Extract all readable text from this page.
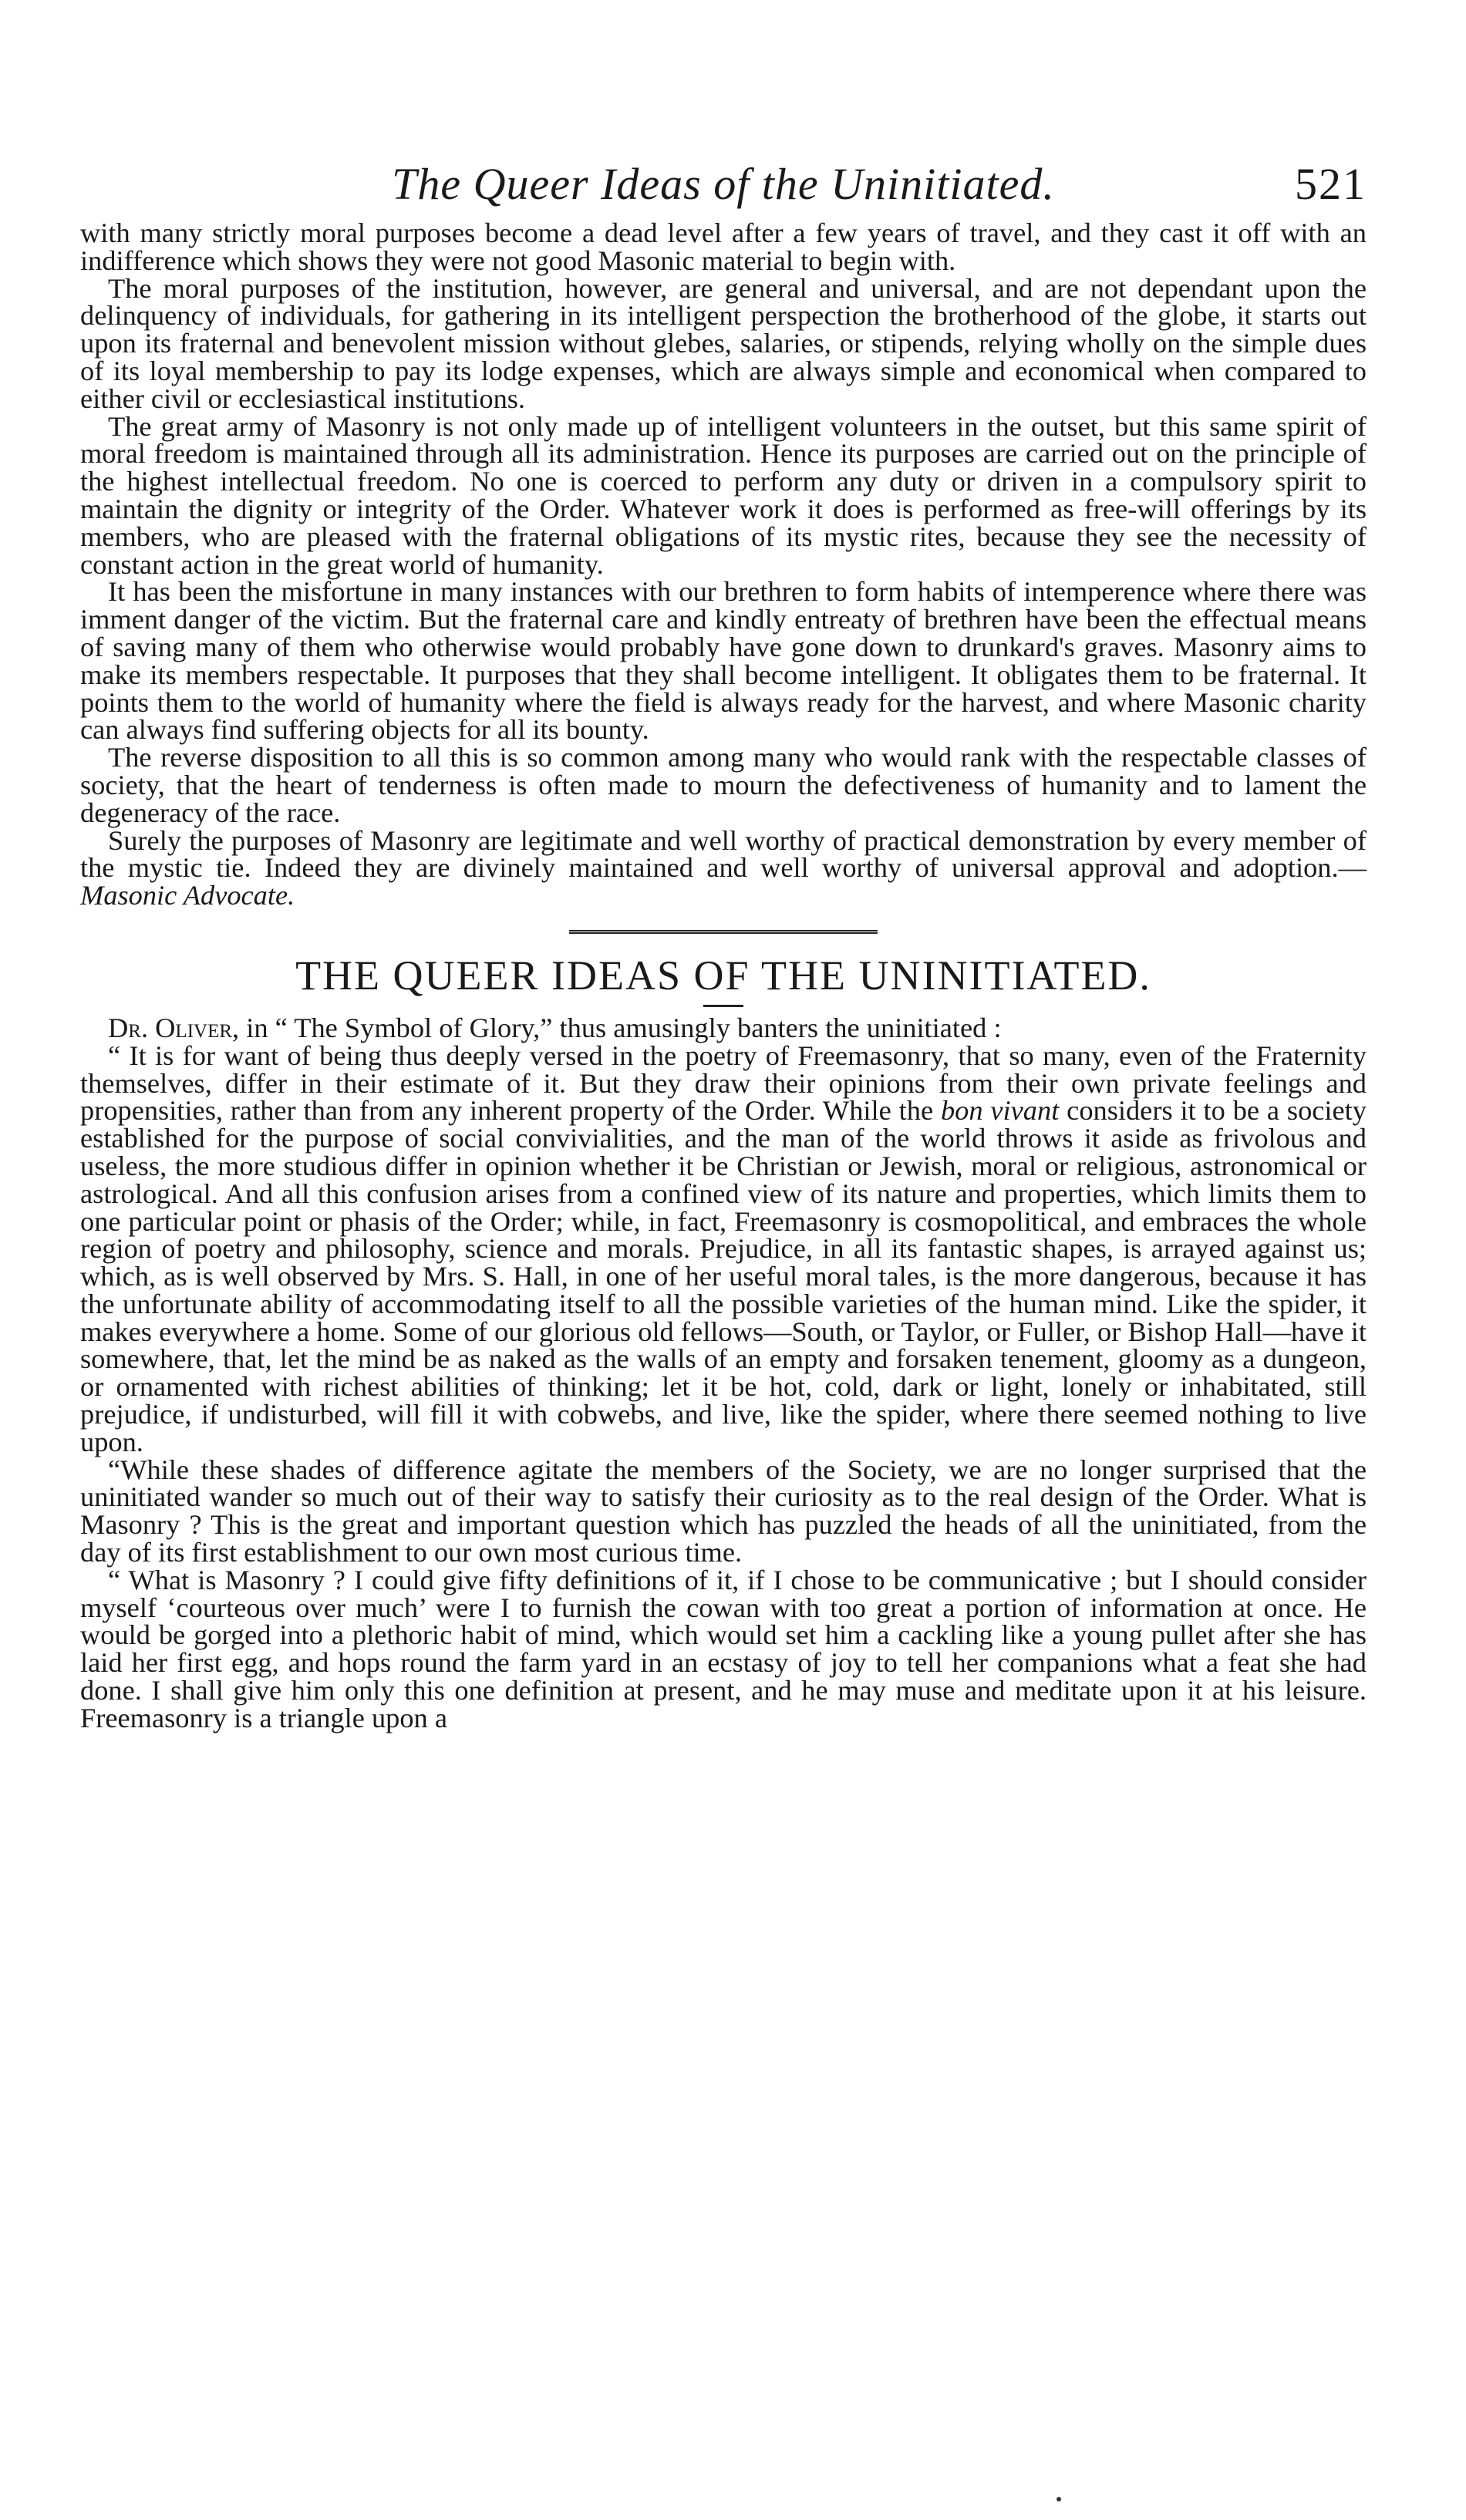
The Queer Ideas of the Uninitiated.	521

with many strictly moral purposes become a dead level after a few years of travel, and they cast it off with an indifference which shows they were not good Masonic material to begin with.

The moral purposes of the institution, however, are general and universal, and are not dependant upon the delinquency of individuals, for gathering in its intelligent perspection the brotherhood of the globe, it starts out upon its fraternal and benevolent mission without glebes, salaries, or stipends, relying wholly on the simple dues of its loyal membership to pay its lodge expenses, which are always simple and economical when compared to either civil or ecclesiastical institutions.

The great army of Masonry is not only made up of intelligent volunteers in the outset, but this same spirit of moral freedom is maintained through all its administration. Hence its purposes are carried out on the principle of the highest intellectual freedom. No one is coerced to perform any duty or driven in a compulsory spirit to maintain the dignity or integrity of the Order. Whatever work it does is performed as free-will offerings by its members, who are pleased with the fraternal obligations of its mystic rites, because they see the necessity of constant action in the great world of humanity.

It has been the misfortune in many instances with our brethren to form habits of intemperence where there was imment danger of the victim. But the fraternal care and kindly entreaty of brethren have been the effectual means of saving many of them who otherwise would probably have gone down to drunkard's graves. Masonry aims to make its members respectable. It purposes that they shall become intelligent. It obligates them to be fraternal. It points them to the world of humanity where the field is always ready for the harvest, and where Masonic charity can always find suffering objects for all its bounty.

The reverse disposition to all this is so common among many who would rank with the respectable classes of society, that the heart of tenderness is often made to mourn the defectiveness of humanity and to lament the degeneracy of the race.

Surely the purposes of Masonry are legitimate and well worthy of practical demonstration by every member of the mystic tie. Indeed they are divinely maintained and well worthy of universal approval and adoption.—Masonic Advocate.

THE QUEER IDEAS OF THE UNINITIATED.

Dr. Oliver, in “ The Symbol of Glory,” thus amusingly banters the uninitiated :

“ It is for want of being thus deeply versed in the poetry of Freemasonry, that so many, even of the Fraternity themselves, differ in their estimate of it. But they draw their opinions from their own private feelings and propensities, rather than from any inherent property of the Order. While the bon vivant considers it to be a society established for the purpose of social convivialities, and the man of the world throws it aside as frivolous and useless, the more studious differ in opinion whether it be Christian or Jewish, moral or religious, astronomical or astrological. And all this confusion arises from a confined view of its nature and properties, which limits them to one particular point or phasis of the Order; while, in fact, Freemasonry is cosmopolitical, and embraces the whole region of poetry and philosophy, science and morals. Prejudice, in all its fantastic shapes, is arrayed against us; which, as is well observed by Mrs. S. Hall, in one of her useful moral tales, is the more dangerous, because it has the unfortunate ability of accommodating itself to all the possible varieties of the human mind. Like the spider, it makes everywhere a home. Some of our glorious old fellows—South, or Taylor, or Fuller, or Bishop Hall—have it somewhere, that, let the mind be as naked as the walls of an empty and forsaken tenement, gloomy as a dungeon, or ornamented with richest abilities of thinking; let it be hot, cold, dark or light, lonely or inhabitated, still prejudice, if undisturbed, will fill it with cobwebs, and live, like the spider, where there seemed nothing to live upon.

“While these shades of difference agitate the members of the Society, we are no longer surprised that the uninitiated wander so much out of their way to satisfy their curiosity as to the real design of the Order. What is Masonry ? This is the great and important question which has puzzled the heads of all the uninitiated, from the day of its first establishment to our own most curious time.

“ What is Masonry ? I could give fifty definitions of it, if I chose to be communicative ; but I should consider myself ‘courteous over much’ were I to furnish the cowan with too great a portion of information at once. He would be gorged into a plethoric habit of mind, which would set him a cackling like a young pullet after she has laid her first egg, and hops round the farm yard in an ecstasy of joy to tell her companions what a feat she had done. I shall give him only this one definition at present, and he may muse and meditate upon it at his leisure. Freemasonry is a triangle upon a
